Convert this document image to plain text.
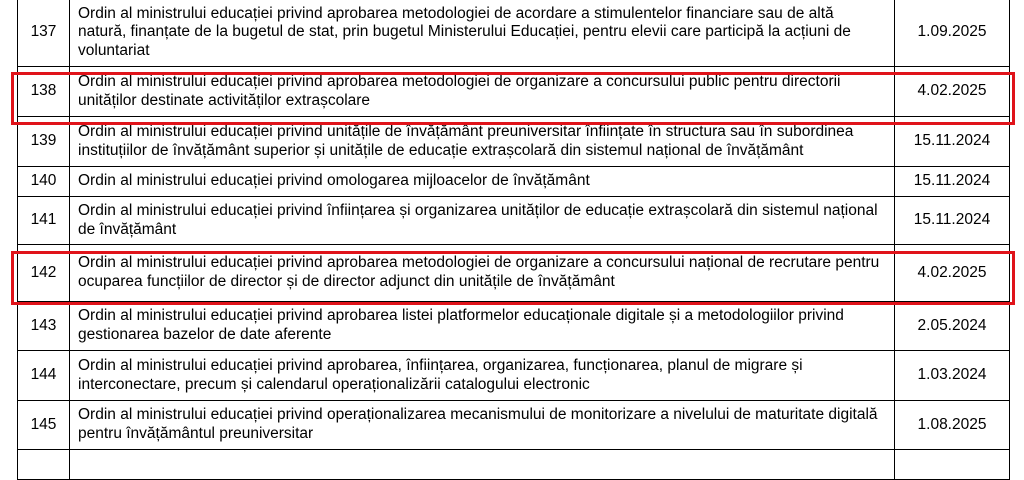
137	Ordin al ministrului educației privind aprobarea metodologiei de acordare a stimulentelor financiare sau de altă natură, finanțate de la bugetul de stat, prin bugetul Ministerului Educației, pentru elevii care participă la acțiuni de voluntariat	1.09.2025
138	Ordin al ministrului educației privind aprobarea metodologiei de organizare a concursului public pentru directorii unităților destinate activităților extrașcolare	4.02.2025
139	Ordin al ministrului educației privind unitățile de învățământ preuniversitar înființate în structura sau în subordinea instituțiilor de învățământ superior și unitățile de educație extrașcolară din sistemul național de învățământ	15.11.2024
140	Ordin al ministrului educației privind omologarea mijloacelor de învățământ	15.11.2024
141	Ordin al ministrului educației privind înființarea și organizarea unităților de educație extrașcolară din sistemul național de învățământ	15.11.2024
142	Ordin al ministrului educației privind aprobarea metodologiei de organizare a concursului național de recrutare pentru ocuparea funcțiilor de director și de director adjunct din unitățile de învățământ	4.02.2025
143	Ordin al ministrului educației privind aprobarea listei platformelor educaționale digitale și a metodologiilor privind gestionarea bazelor de date aferente	2.05.2024
144	Ordin al ministrului educației privind aprobarea, înființarea, organizarea, funcționarea, planul de migrare și interconectare, precum și calendarul operaționalizării catalogului electronic	1.03.2024
145	Ordin al ministrului educației privind operaționalizarea mecanismului de monitorizare a nivelului de maturitate digitală pentru învățământul preuniversitar	1.08.2025
